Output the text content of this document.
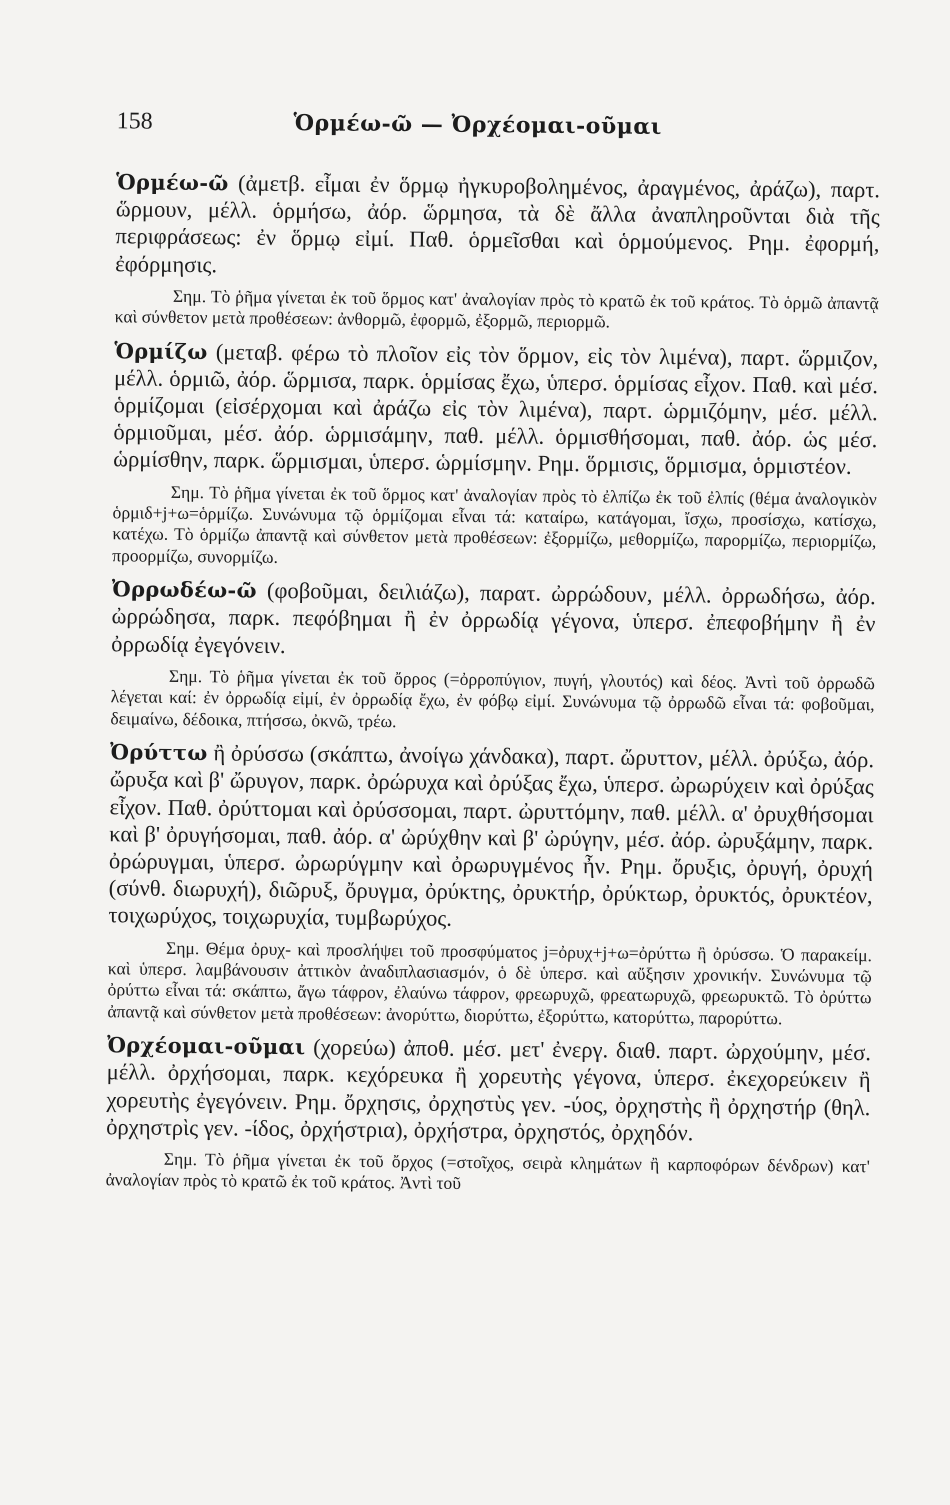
158	Ὁρμέω-ῶ — Ὀρχέομαι-οῦμαι

Ὁρμέω-ῶ (ἀμετβ. εἶμαι ἐν ὅρμῳ ἠγκυροβολημένος, ἀραγμένος, ἀράζω), παρτ. ὥρμουν, μέλλ. ὁρμήσω, ἀόρ. ὥρμησα, τὰ δὲ ἄλλα ἀναπληροῦνται διὰ τῆς περιφράσεως: ἐν ὅρμῳ εἰμί. Παθ. ὁρμεῖσθαι καὶ ὁρμούμενος. Ρημ. ἐφορμή, ἐφόρμησις.

Σημ. Τὸ ῥῆμα γίνεται ἐκ τοῦ ὅρμος κατ' ἀναλογίαν πρὸς τὸ κρατῶ ἐκ τοῦ κράτος. Τὸ ὁρμῶ ἀπαντᾷ καὶ σύνθετον μετὰ προθέσεων: ἀνθορμῶ, ἐφορμῶ, ἐξορμῶ, περιορμῶ.

Ὁρμίζω (μεταβ. φέρω τὸ πλοῖον εἰς τὸν ὅρμον, εἰς τὸν λιμένα), παρτ. ὥρμιζον, μέλλ. ὁρμιῶ, ἀόρ. ὥρμισα, παρκ. ὁρμίσας ἔχω, ὑπερσ. ὁρμίσας εἶχον. Παθ. καὶ μέσ. ὁρμίζομαι (εἰσέρχομαι καὶ ἀράζω εἰς τὸν λιμένα), παρτ. ὡρμιζόμην, μέσ. μέλλ. ὁρμιοῦμαι, μέσ. ἀόρ. ὡρμισάμην, παθ. μέλλ. ὁρμισθήσομαι, παθ. ἀόρ. ὡς μέσ. ὡρμίσθην, παρκ. ὥρμισμαι, ὑπερσ. ὡρμίσμην. Ρημ. ὅρμισις, ὅρμισμα, ὁρμιστέον.

Σημ. Τὸ ῥῆμα γίνεται ἐκ τοῦ ὅρμος κατ' ἀναλογίαν πρὸς τὸ ἐλπίζω ἐκ τοῦ ἐλπίς (θέμα ἀναλογικὸν ὁρμιδ+j+ω=ὁρμίζω. Συνώνυμα τῷ ὁρμίζομαι εἶναι τά: καταίρω, κατάγομαι, ἴσχω, προσίσχω, κατίσχω, κατέχω. Τὸ ὁρμίζω ἀπαντᾷ καὶ σύνθετον μετὰ προθέσεων: ἐξορμίζω, μεθορμίζω, παρορμίζω, περιορμίζω, προορμίζω, συνορμίζω.

Ὀρρωδέω-ῶ (φοβοῦμαι, δειλιάζω), παρατ. ὠρρώδουν, μέλλ. ὀρρωδήσω, ἀόρ. ὠρρώδησα, παρκ. πεφόβημαι ἢ ἐν ὀρρωδίᾳ γέγονα, ὑπερσ. ἐπεφοβήμην ἢ ἐν ὀρρωδίᾳ ἐγεγόνειν.

Σημ. Τὸ ῥῆμα γίνεται ἐκ τοῦ ὄρρος (=ὀρροπύγιον, πυγή, γλουτός) καὶ δέος. Ἀντὶ τοῦ ὀρρωδῶ λέγεται καί: ἐν ὀρρωδίᾳ εἰμί, ἐν ὀρρωδίᾳ ἔχω, ἐν φόβῳ εἰμί. Συνώνυμα τῷ ὀρρωδῶ εἶναι τά: φοβοῦμαι, δειμαίνω, δέδοικα, πτήσσω, ὀκνῶ, τρέω.

Ὀρύττω ἢ ὀρύσσω (σκάπτω, ἀνοίγω χάνδακα), παρτ. ὤρυττον, μέλλ. ὀρύξω, ἀόρ. ὤρυξα καὶ β' ὤρυγον, παρκ. ὀρώρυχα καὶ ὀρύξας ἔχω, ὑπερσ. ὠρωρύχειν καὶ ὀρύξας εἶχον. Παθ. ὀρύττομαι καὶ ὀρύσσομαι, παρτ. ὠρυττόμην, παθ. μέλλ. α' ὀρυχθήσομαι καὶ β' ὀρυγήσομαι, παθ. ἀόρ. α' ὠρύχθην καὶ β' ὠρύγην, μέσ. ἀόρ. ὠρυξάμην, παρκ. ὀρώρυγμαι, ὑπερσ. ὠρωρύγμην καὶ ὀρωρυγμένος ἦν. Ρημ. ὄρυξις, ὀρυγή, ὀρυχή (σύνθ. διωρυχή), διῶρυξ, ὄρυγμα, ὀρύκτης, ὀρυκτήρ, ὀρύκτωρ, ὀρυκτός, ὀρυκτέον, τοιχωρύχος, τοιχωρυχία, τυμβωρύχος.

Σημ. Θέμα ὀρυχ- καὶ προσλήψει τοῦ προσφύματος j=ὀρυχ+j+ω=ὀρύττω ἢ ὀρύσσω. Ὁ παρακείμ. καὶ ὑπερσ. λαμβάνουσιν ἀττικὸν ἀναδιπλασιασμόν, ὁ δὲ ὑπερσ. καὶ αὔξησιν χρονικήν. Συνώνυμα τῷ ὀρύττω εἶναι τά: σκάπτω, ἄγω τάφρον, ἐλαύνω τάφρον, φρεωρυχῶ, φρεατωρυχῶ, φρεωρυκτῶ. Τὸ ὀρύττω ἀπαντᾷ καὶ σύνθετον μετὰ προθέσεων: ἀνορύττω, διορύττω, ἐξορύττω, κατορύττω, παρορύττω.

Ὀρχέομαι-οῦμαι (χορεύω) ἀποθ. μέσ. μετ' ἐνεργ. διαθ. παρτ. ὠρχούμην, μέσ. μέλλ. ὀρχήσομαι, παρκ. κεχόρευκα ἢ χορευτὴς γέγονα, ὑπερσ. ἐκεχορεύκειν ἢ χορευτὴς ἐγεγόνειν. Ρημ. ὄρχησις, ὀρχηστὺς γεν. -ύος, ὀρχηστὴς ἢ ὀρχηστήρ (θηλ. ὀρχηστρὶς γεν. -ίδος, ὀρχήστρια), ὀρχήστρα, ὀρχηστός, ὀρχηδόν.

Σημ. Τὸ ῥῆμα γίνεται ἐκ τοῦ ὄρχος (=στοῖχος, σειρὰ κλημάτων ἢ καρποφόρων δένδρων) κατ' ἀναλογίαν πρὸς τὸ κρατῶ ἐκ τοῦ κράτος. Ἀντὶ τοῦ
